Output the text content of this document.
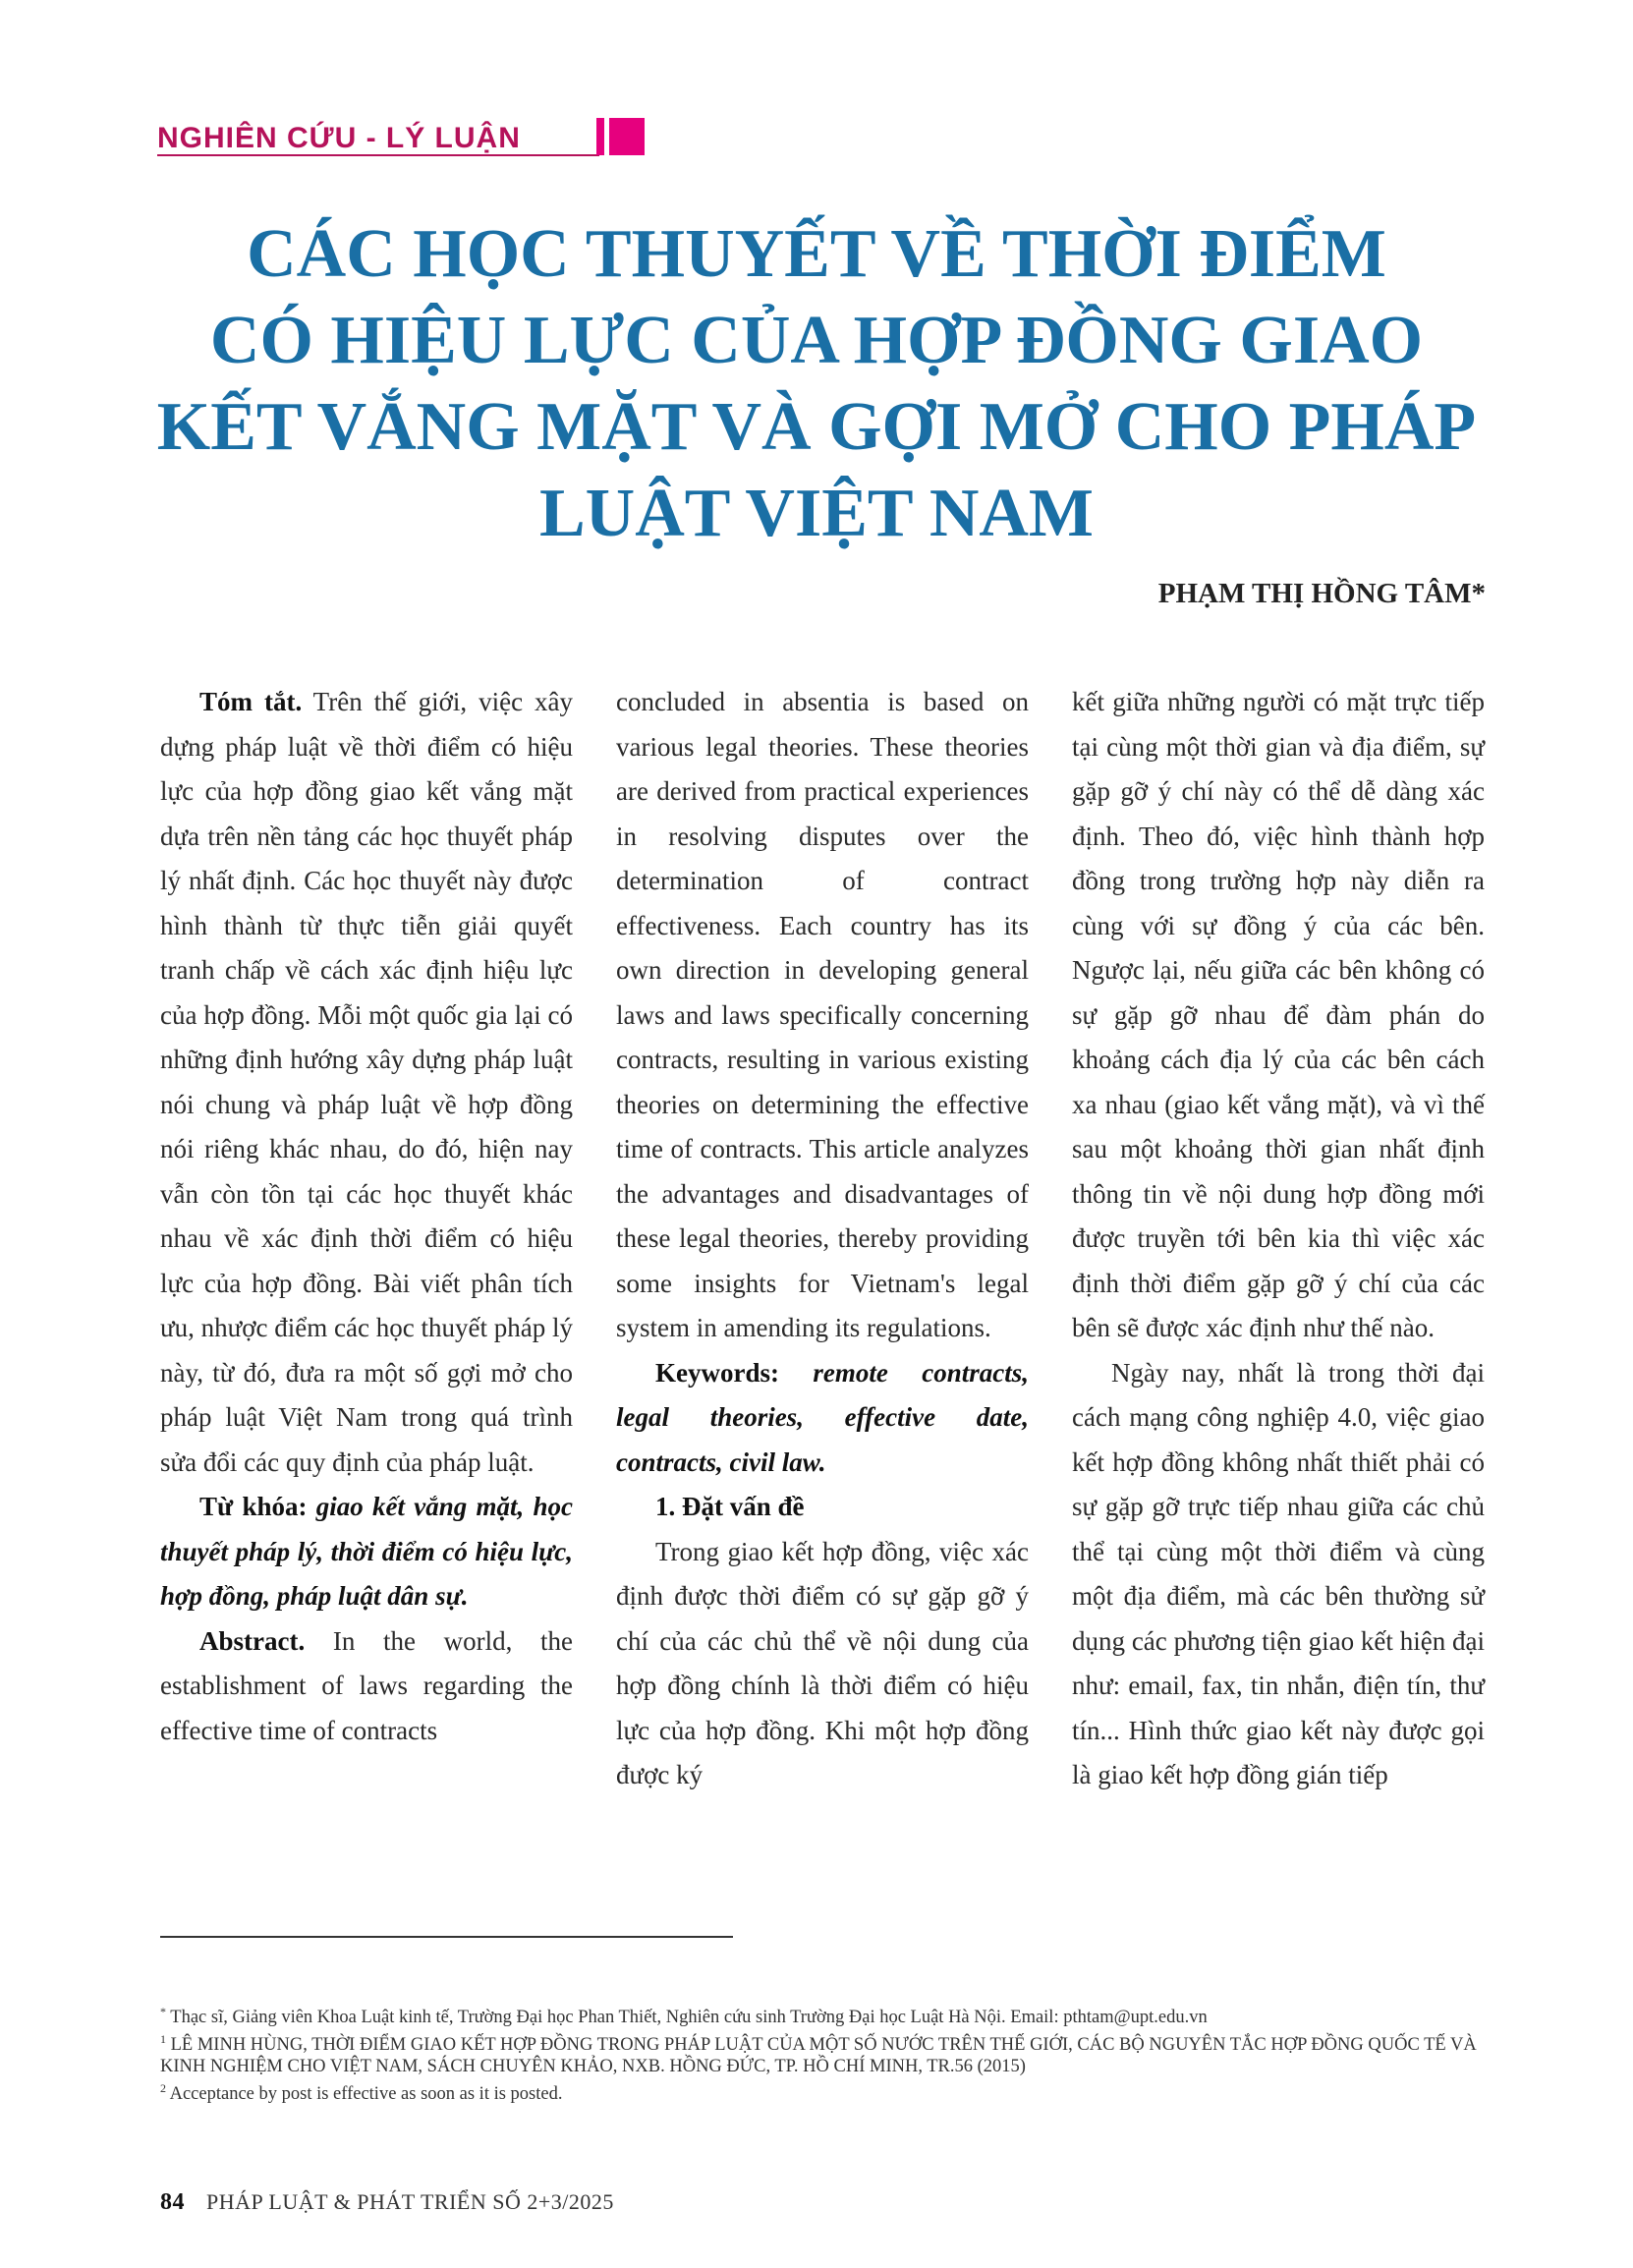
NGHIÊN CỨU - LÝ LUẬN
CÁC HỌC THUYẾT VỀ THỜI ĐIỂM
CÓ HIỆU LỰC CỦA HỢP ĐỒNG GIAO
KẾT VẮNG MẶT VÀ GỢI MỞ CHO PHÁP
LUẬT VIỆT NAM
PHẠM THỊ HỒNG TÂM*

Tóm tắt. Trên thế giới, việc xây dựng pháp luật về thời điểm có hiệu lực của hợp đồng giao kết vắng mặt dựa trên nền tảng các học thuyết pháp lý nhất định. Các học thuyết này được hình thành từ thực tiễn giải quyết tranh chấp về cách xác định hiệu lực của hợp đồng. Mỗi một quốc gia lại có những định hướng xây dựng pháp luật nói chung và pháp luật về hợp đồng nói riêng khác nhau, do đó, hiện nay vẫn còn tồn tại các học thuyết khác nhau về xác định thời điểm có hiệu lực của hợp đồng. Bài viết phân tích ưu, nhược điểm các học thuyết pháp lý này, từ đó, đưa ra một số gợi mở cho pháp luật Việt Nam trong quá trình sửa đổi các quy định của pháp luật.

Từ khóa: giao kết vắng mặt, học thuyết pháp lý, thời điểm có hiệu lực, hợp đồng, pháp luật dân sự.

Abstract. In the world, the establishment of laws regarding the effective time of contracts

concluded in absentia is based on various legal theories. These theories are derived from practical experiences in resolving disputes over the determination of contract effectiveness. Each country has its own direction in developing general laws and laws specifically concerning contracts, resulting in various existing theories on determining the effective time of contracts. This article analyzes the advantages and disadvantages of these legal theories, thereby providing some insights for Vietnam's legal system in amending its regulations.

Keywords: remote contracts, legal theories, effective date, contracts, civil law.

1. Đặt vấn đề

Trong giao kết hợp đồng, việc xác định được thời điểm có sự gặp gỡ ý chí của các chủ thể về nội dung của hợp đồng chính là thời điểm có hiệu lực của hợp đồng. Khi một hợp đồng được ký

kết giữa những người có mặt trực tiếp tại cùng một thời gian và địa điểm, sự gặp gỡ ý chí này có thể dễ dàng xác định. Theo đó, việc hình thành hợp đồng trong trường hợp này diễn ra cùng với sự đồng ý của các bên. Ngược lại, nếu giữa các bên không có sự gặp gỡ nhau để đàm phán do khoảng cách địa lý của các bên cách xa nhau (giao kết vắng mặt), và vì thế sau một khoảng thời gian nhất định thông tin về nội dung hợp đồng mới được truyền tới bên kia thì việc xác định thời điểm gặp gỡ ý chí của các bên sẽ được xác định như thế nào.

Ngày nay, nhất là trong thời đại cách mạng công nghiệp 4.0, việc giao kết hợp đồng không nhất thiết phải có sự gặp gỡ trực tiếp nhau giữa các chủ thể tại cùng một thời điểm và cùng một địa điểm, mà các bên thường sử dụng các phương tiện giao kết hiện đại như: email, fax, tin nhắn, điện tín, thư tín... Hình thức giao kết này được gọi là giao kết hợp đồng gián tiếp

* Thạc sĩ, Giảng viên Khoa Luật kinh tế, Trường Đại học Phan Thiết, Nghiên cứu sinh Trường Đại học Luật Hà Nội. Email: pthtam@upt.edu.vn

$^1$ LÊ MINH HÙNG, THỜI ĐIỂM GIAO KẾT HỢP ĐỒNG TRONG PHÁP LUẬT CỦA MỘT SỐ NƯỚC TRÊN THẾ GIỚI, CÁC BỘ NGUYÊN TẮC HỢP ĐỒNG QUỐC TẾ VÀ KINH NGHIỆM CHO VIỆT NAM, SÁCH CHUYÊN KHẢO, NXB. HỒNG ĐỨC, TP. HỒ CHÍ MINH, TR.56 (2015)

$^2$ Acceptance by post is effective as soon as it is posted.

84 PHÁP LUẬT & PHÁT TRIỂN SỐ 2+3/2025
